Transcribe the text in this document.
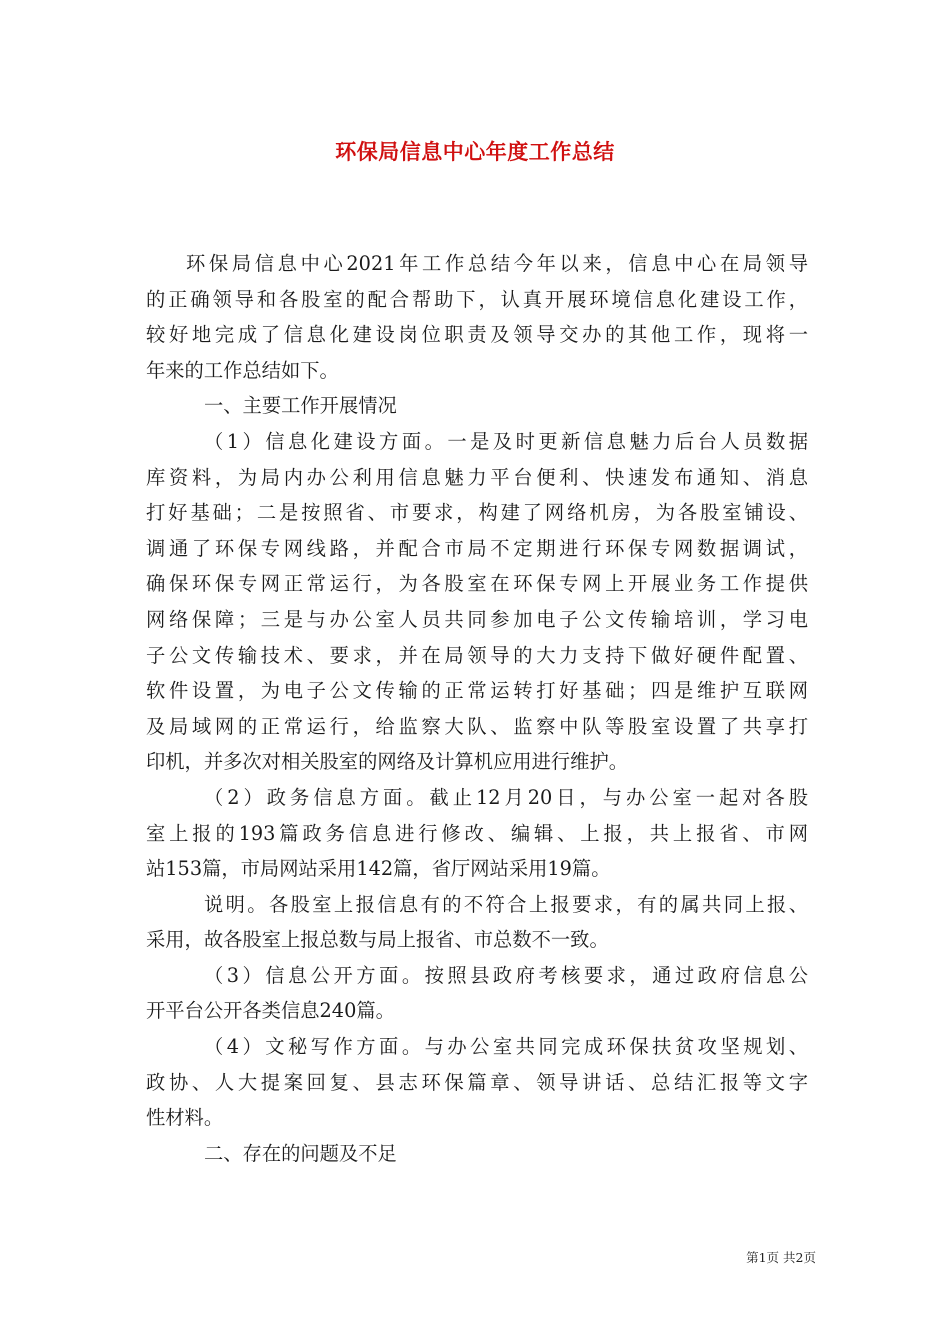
环保局信息中心年度工作总结
环保局信息中心2021年工作总结今年以来，信息中心在局领导
的正确领导和各股室的配合帮助下，认真开展环境信息化建设工作，
较好地完成了信息化建设岗位职责及领导交办的其他工作，现将一
年来的工作总结如下。
一、主要工作开展情况
（1）信息化建设方面。一是及时更新信息魅力后台人员数据
库资料，为局内办公利用信息魅力平台便利、快速发布通知、消息
打好基础；二是按照省、市要求，构建了网络机房，为各股室铺设、
调通了环保专网线路，并配合市局不定期进行环保专网数据调试，
确保环保专网正常运行，为各股室在环保专网上开展业务工作提供
网络保障；三是与办公室人员共同参加电子公文传输培训，学习电
子公文传输技术、要求，并在局领导的大力支持下做好硬件配置、
软件设置，为电子公文传输的正常运转打好基础；四是维护互联网
及局域网的正常运行，给监察大队、监察中队等股室设置了共享打
印机，并多次对相关股室的网络及计算机应用进行维护。
（2）政务信息方面。截止12月20日，与办公室一起对各股
室上报的193篇政务信息进行修改、编辑、上报，共上报省、市网
站153篇，市局网站采用142篇，省厅网站采用19篇。
说明。各股室上报信息有的不符合上报要求，有的属共同上报、
采用，故各股室上报总数与局上报省、市总数不一致。
（3）信息公开方面。按照县政府考核要求，通过政府信息公
开平台公开各类信息240篇。
（4）文秘写作方面。与办公室共同完成环保扶贫攻坚规划、
政协、人大提案回复、县志环保篇章、领导讲话、总结汇报等文字
性材料。
二、存在的问题及不足
第1页 共2页
